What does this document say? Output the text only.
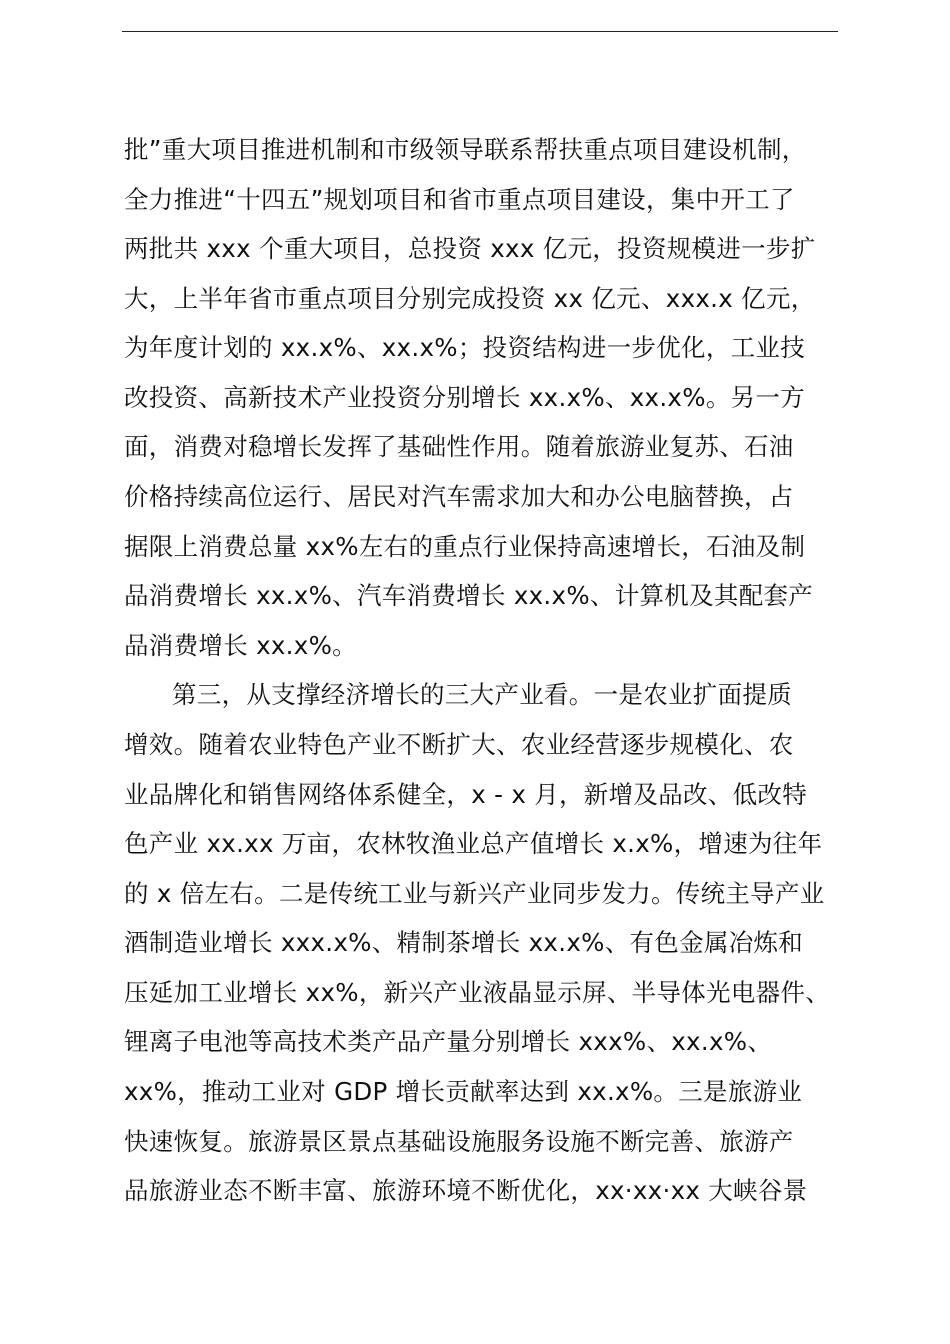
批”重大项目推进机制和市级领导联系帮扶重点项目建设机制，
全力推进“十四五”规划项目和省市重点项目建设，集中开工了
两批共 xxx 个重大项目，总投资 xxx 亿元，投资规模进一步扩
大，上半年省市重点项目分别完成投资 xx 亿元、xxx.x 亿元，
为年度计划的 xx.x%、xx.x%；投资结构进一步优化，工业技
改投资、高新技术产业投资分别增长 xx.x%、xx.x%。另一方
面，消费对稳增长发挥了基础性作用。随着旅游业复苏、石油
价格持续高位运行、居民对汽车需求加大和办公电脑替换，占
据限上消费总量 xx%左右的重点行业保持高速增长，石油及制
品消费增长 xx.x%、汽车消费增长 xx.x%、计算机及其配套产
品消费增长 xx.x%。
第三，从支撑经济增长的三大产业看。一是农业扩面提质
增效。随着农业特色产业不断扩大、农业经营逐步规模化、农
业品牌化和销售网络体系健全，x - x 月，新增及品改、低改特
色产业 xx.xx 万亩，农林牧渔业总产值增长 x.x%，增速为往年
的 x 倍左右。二是传统工业与新兴产业同步发力。传统主导产业
酒制造业增长 xxx.x%、精制茶增长 xx.x%、有色金属冶炼和
压延加工业增长 xx%，新兴产业液晶显示屏、半导体光电器件、
锂离子电池等高技术类产品产量分别增长 xxx%、xx.x%、
xx%，推动工业对 GDP 增长贡献率达到 xx.x%。三是旅游业
快速恢复。旅游景区景点基础设施服务设施不断完善、旅游产
品旅游业态不断丰富、旅游环境不断优化，xx·xx·xx 大峡谷景
